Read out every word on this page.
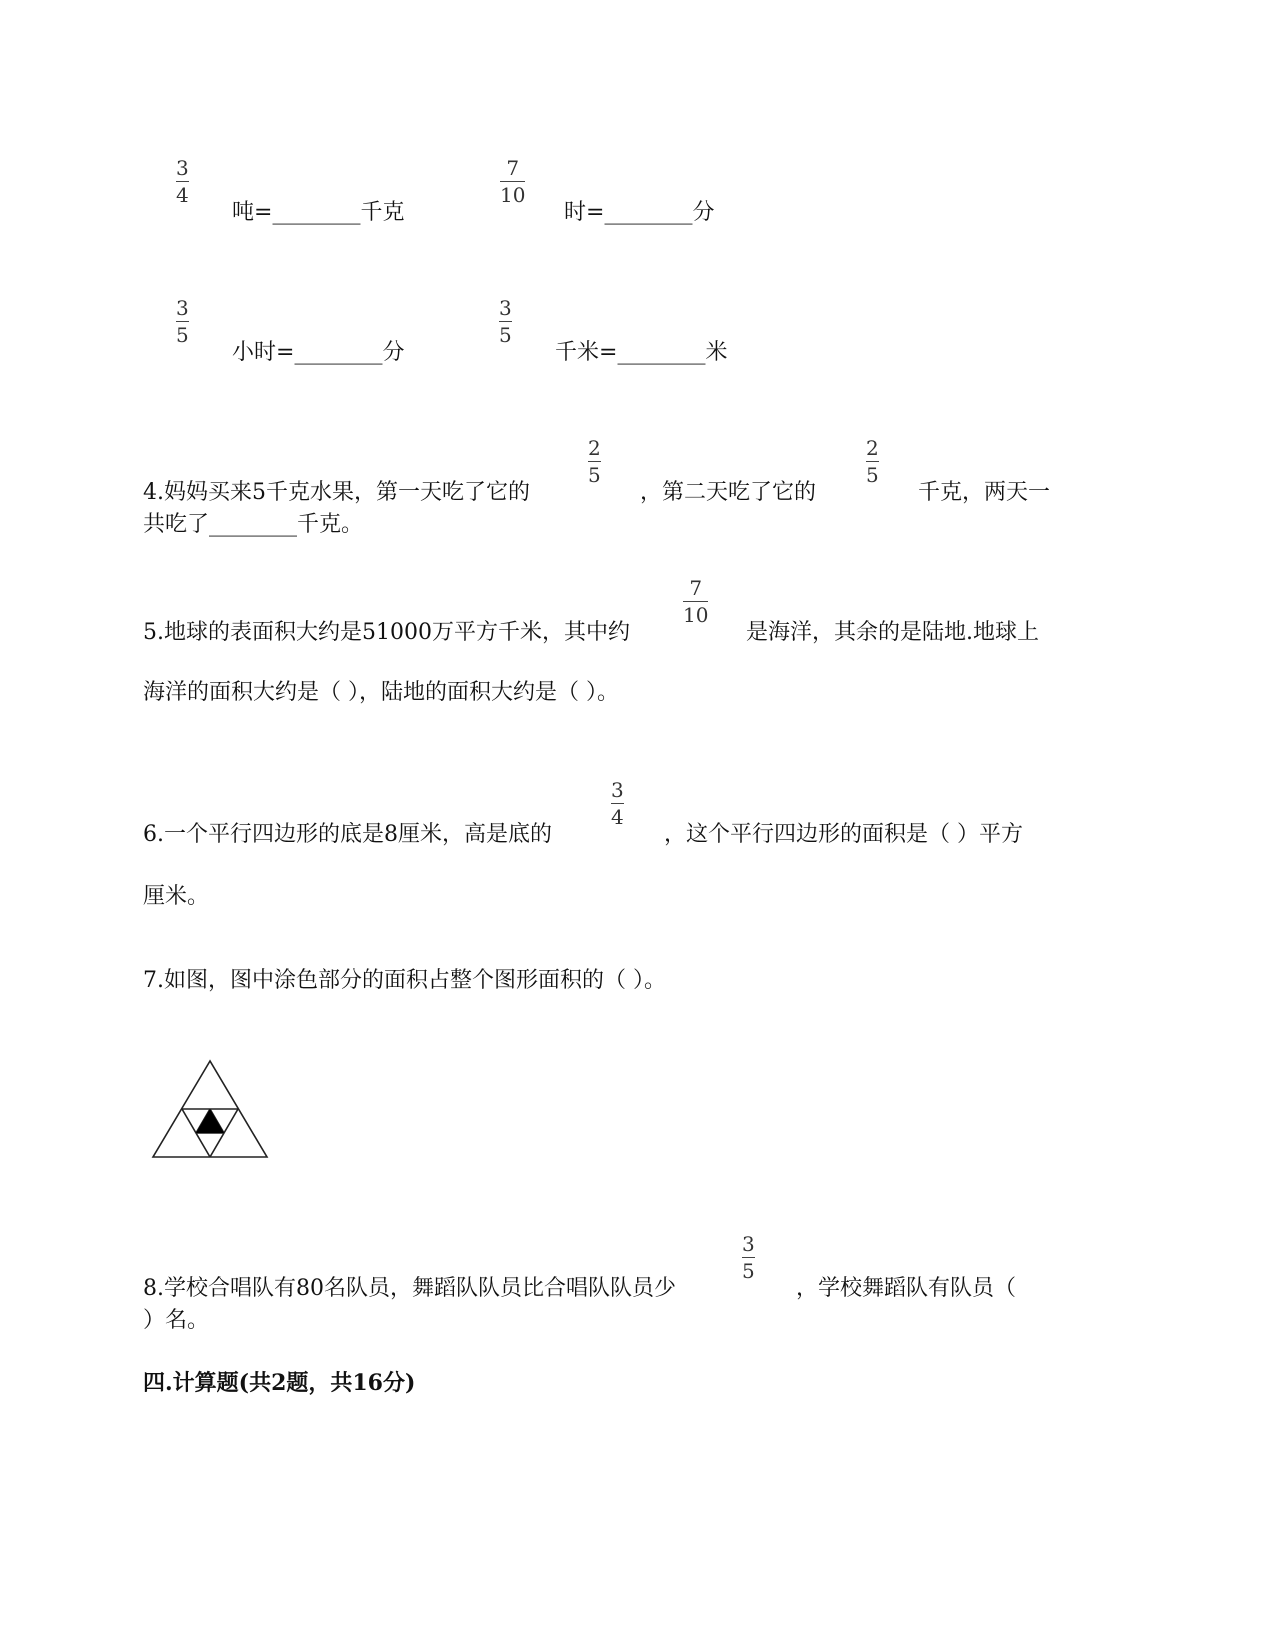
3
4
吨=________千克
7
10
时=________分
3
5
小时=________分
3
5
千米=________米
4.妈妈买来5千克水果，第一天吃了它的
2
5
，第二天吃了它的
2
5
千克，两天一
共吃了________千克。
5.地球的表面积大约是51000万平方千米，其中约
7
10
是海洋，其余的是陆地.地球上
海洋的面积大约是（ ），陆地的面积大约是（ ）。
6.一个平行四边形的底是8厘米，高是底的
3
4
，这个平行四边形的面积是（ ）平方
厘米。
7.如图，图中涂色部分的面积占整个图形面积的（ ）。
8.学校合唱队有80名队员，舞蹈队队员比合唱队队员少
3
5
，学校舞蹈队有队员（
）名。
四.计算题(共2题，共16分)
